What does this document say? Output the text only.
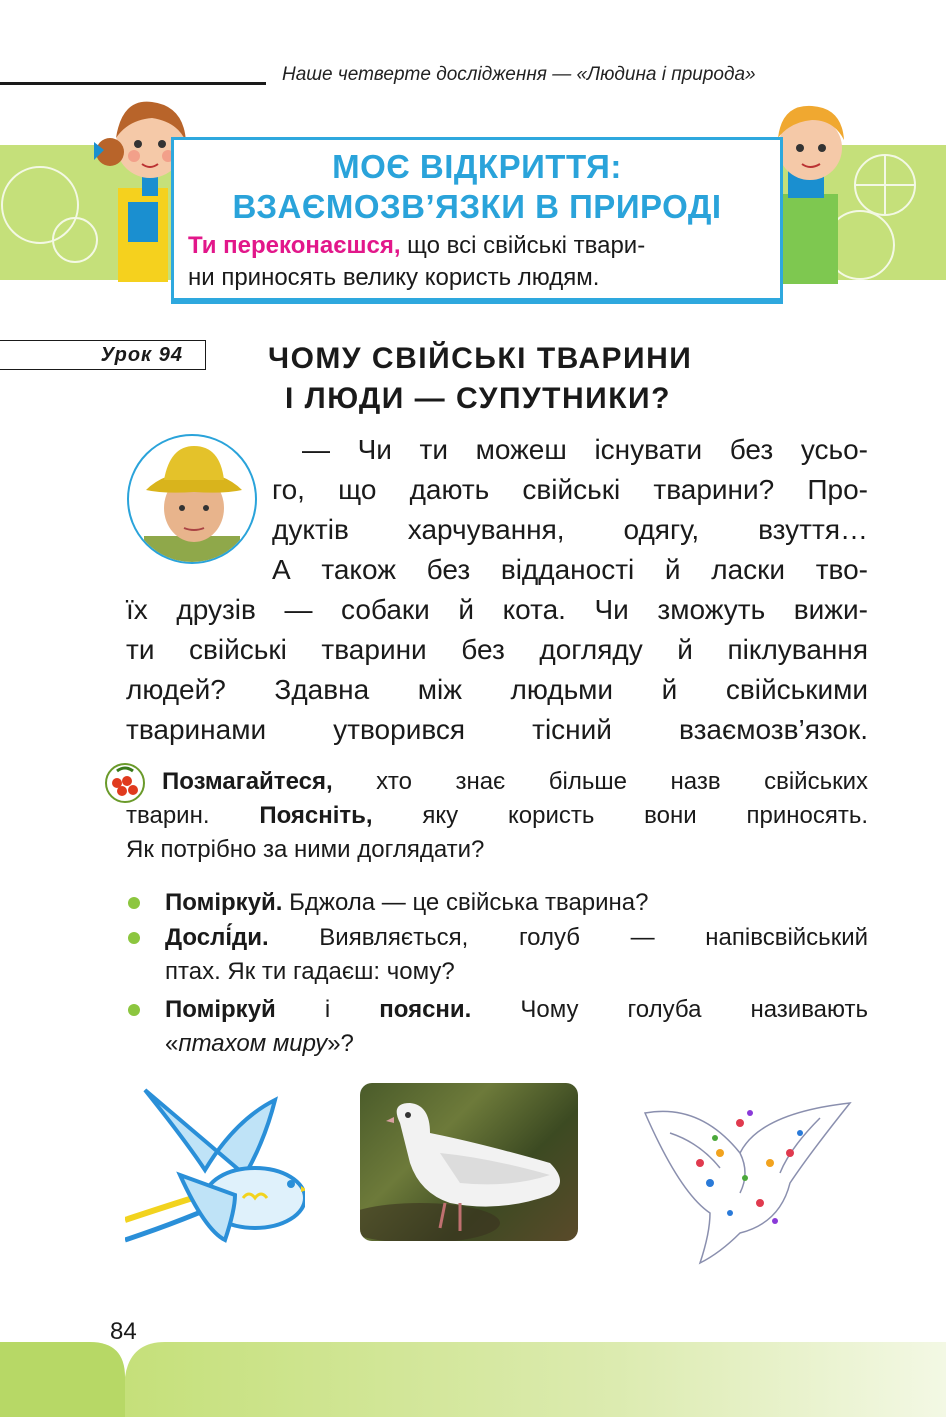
Наше четверте дослідження — «Людина і природа»
МОЄ ВІДКРИТТЯ:
ВЗАЄМОЗВ’ЯЗКИ В ПРИРОДІ
Ти переконаєшся, що всі свійські твари-
ни приносять велику користь людям.
Урок 94	ЧОМУ СВІЙСЬКІ ТВАРИНИ
І ЛЮДИ — СУПУТНИКИ?
— Чи ти можеш існувати без усьо-
го, що дають свійські тварини? Про-
дуктів харчування, одягу, взуття…
А також без відданості й ласки тво-
їх друзів — собаки й кота. Чи зможуть вижи-
ти свійські тварини без догляду й піклування
людей? Здавна між людьми й свійськими
тваринами утворився тісний взаємозв’язок.
Позмагайтеся, хто знає більше назв свійських
тварин. Поясніть, яку користь вони приносять.
Як потрібно за ними доглядати?
Поміркуй. Бджола — це свійська тварина?
Дослі́ди. Виявляється, голуб — напівсвійський
птах. Як ти гадаєш: чому?
Поміркуй і поясни. Чому голуба називають
«птахом миру»?
84
